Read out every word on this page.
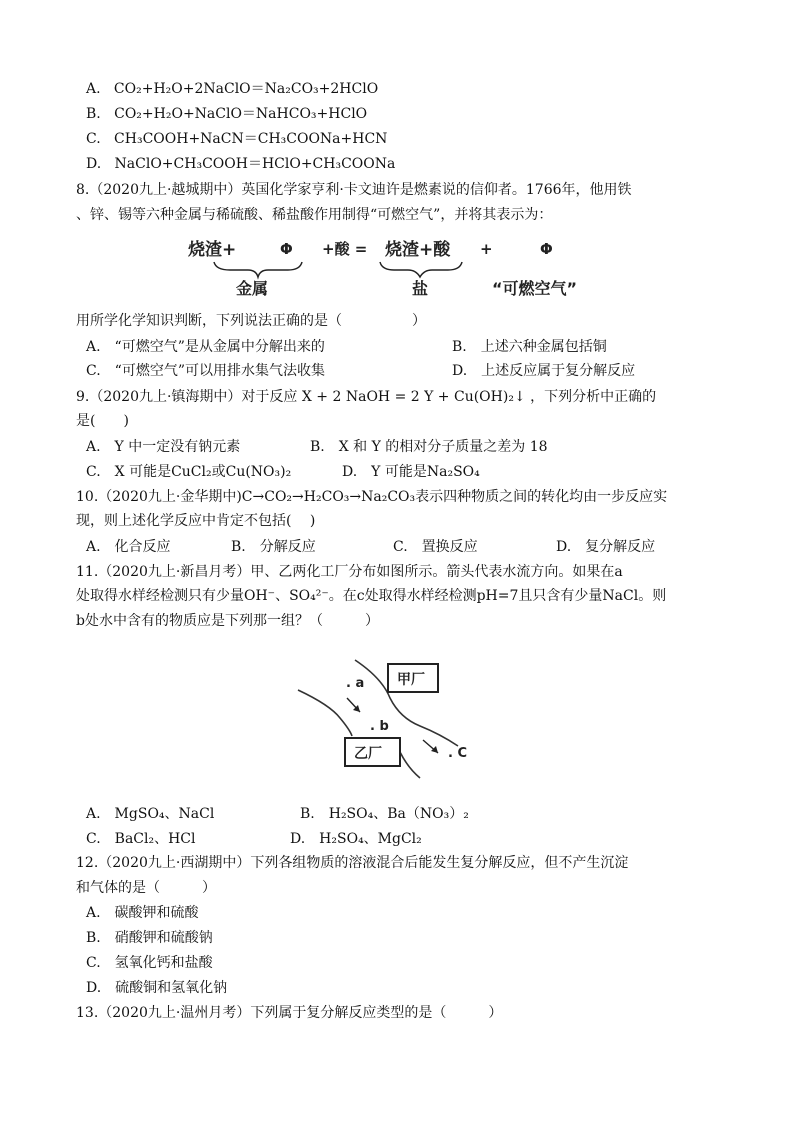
A. CO₂+H₂O+2NaClO＝Na₂CO₃+2HClO
B. CO₂+H₂O+NaClO＝NaHCO₃+HClO
C. CH₃COOH+NaCN＝CH₃COONa+HCN
D. NaClO+CH₃COOH＝HClO+CH₃COONa
8.（2020九上·越城期中）英国化学家亨利·卡文迪许是燃素说的信仰者。1766年，他用铁
、锌、锡等六种金属与稀硫酸、稀盐酸作用制得“可燃空气”，并将其表示为：
烧渣+	Φ +酸 = 烧渣+酸 +	Φ
金属	盐	“可燃空气”
用所学化学知识判断，下列说法正确的是（　　　　　）
A.　“可燃空气”是从金属中分解出来的	B.　上述六种金属包括铜
C.　“可燃空气”可以用排水集气法收集	D.　上述反应属于复分解反应
9.（2020九上·镇海期中）对于反应 X + 2 NaOH = 2 Y + Cu(OH)₂↓ ，下列分析中正确的
是(　　)
A.　Y 中一定没有钠元素	B.　X 和 Y 的相对分子质量之差为 18
C.　X 可能是CuCl₂或Cu(NO₃)₂	D.　Y 可能是Na₂SO₄
10.（2020九上·金华期中)C→CO₂→H₂CO₃→Na₂CO₃表示四种物质之间的转化均由一步反应实
现，则上述化学反应中肯定不包括(　 )
A.　化合反应	B.　分解反应	C.　置换反应	D.　复分解反应
11.（2020九上·新昌月考）甲、乙两化工厂分布如图所示。箭头代表水流方向。如果在a
处取得水样经检测只有少量OH⁻、SO₄²⁻。在c处取得水样经检测pH=7且只含有少量NaCl。则
b处水中含有的物质应是下列那一组？（　　　）
甲厂
乙厂
. a
. b
. C
A.　MgSO₄、NaCl	B.　H₂SO₄、Ba（NO₃）₂
C.　BaCl₂、HCl	D.　H₂SO₄、MgCl₂
12.（2020九上·西湖期中）下列各组物质的溶液混合后能发生复分解反应，但不产生沉淀
和气体的是（　　　）
A.　碳酸钾和硫酸
B.　硝酸钾和硫酸钠
C.　氢氧化钙和盐酸
D.　硫酸铜和氢氧化钠
13.（2020九上·温州月考）下列属于复分解反应类型的是（　　　）
